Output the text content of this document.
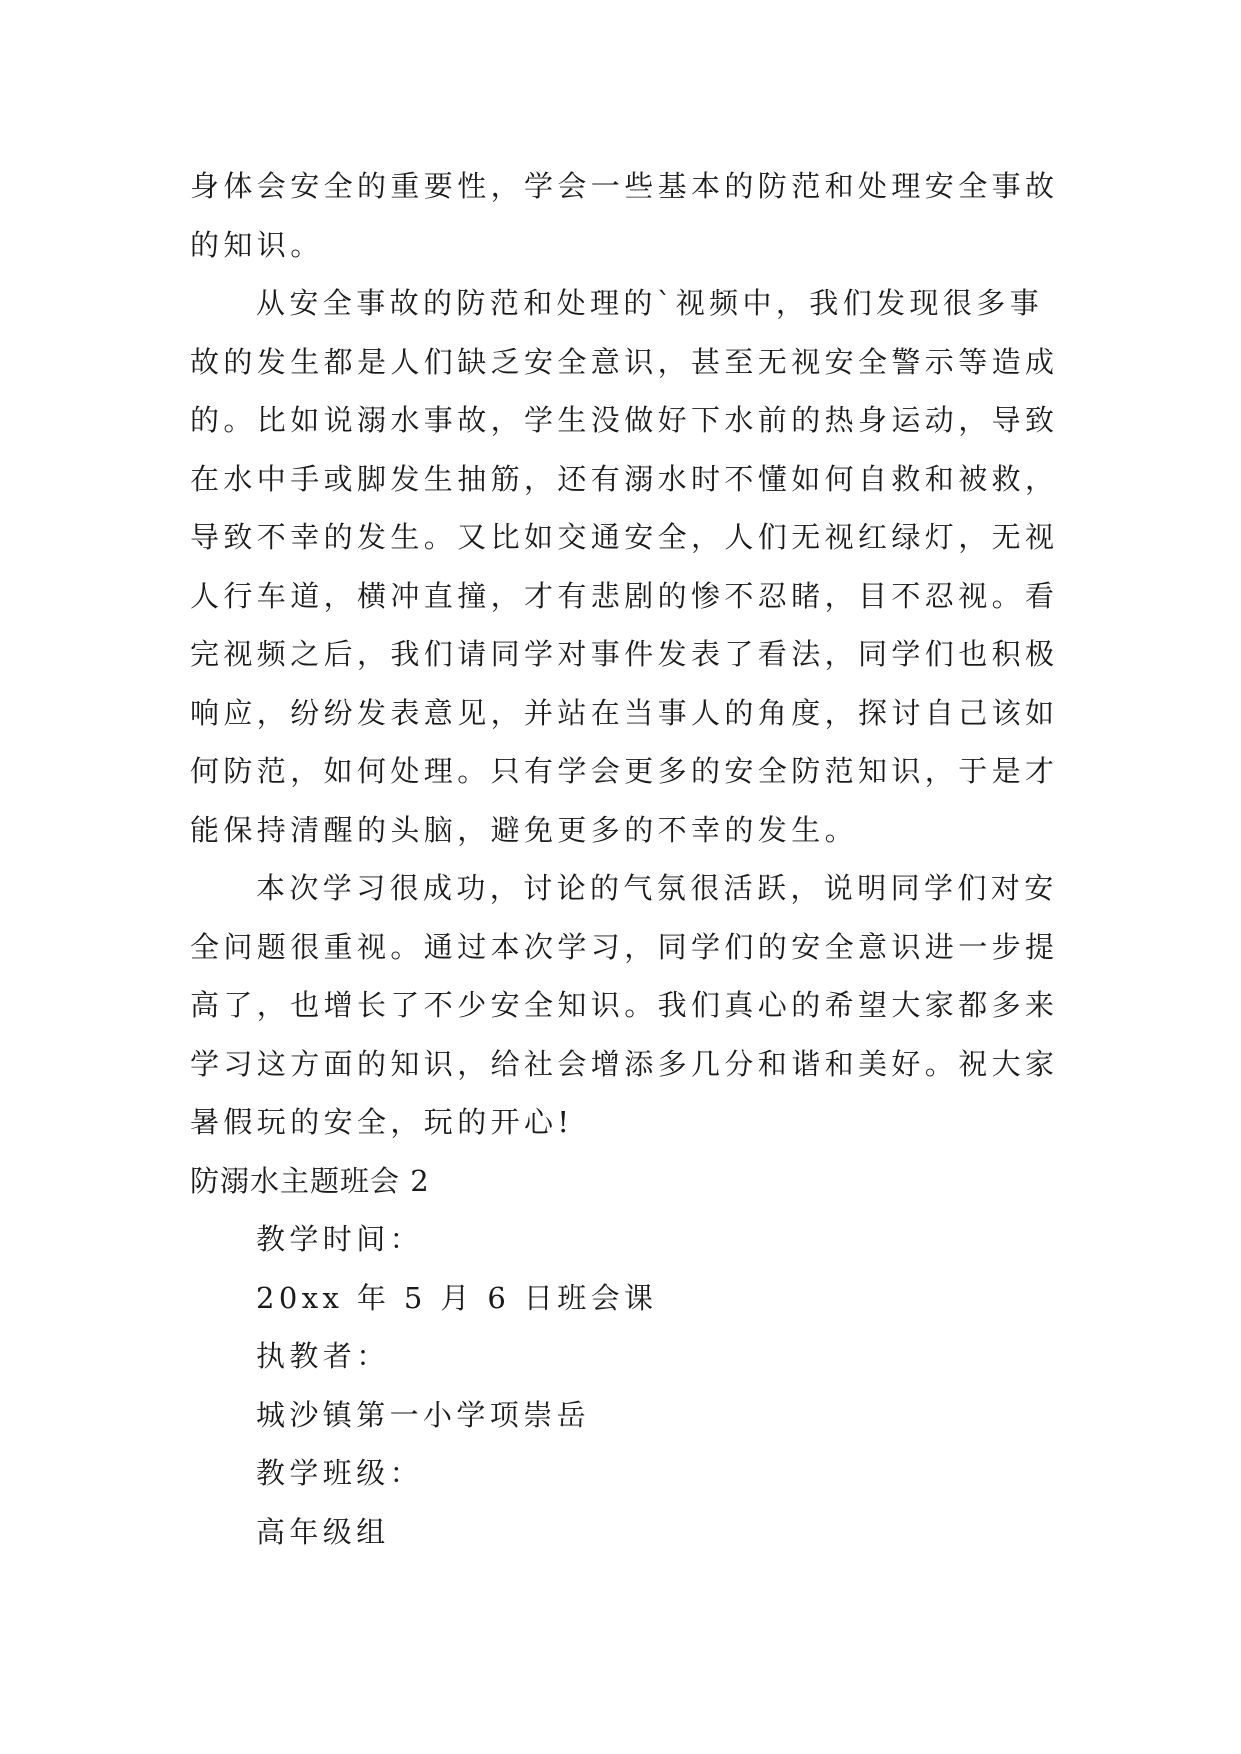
身体会安全的重要性，学会一些基本的防范和处理安全事故
的知识。
从安全事故的防范和处理的`视频中，我们发现很多事
故的发生都是人们缺乏安全意识，甚至无视安全警示等造成
的。比如说溺水事故，学生没做好下水前的热身运动，导致
在水中手或脚发生抽筋，还有溺水时不懂如何自救和被救，
导致不幸的发生。又比如交通安全，人们无视红绿灯，无视
人行车道，横冲直撞，才有悲剧的惨不忍睹，目不忍视。看
完视频之后，我们请同学对事件发表了看法，同学们也积极
响应，纷纷发表意见，并站在当事人的角度，探讨自己该如
何防范，如何处理。只有学会更多的安全防范知识，于是才
能保持清醒的头脑，避免更多的不幸的发生。
本次学习很成功，讨论的气氛很活跃，说明同学们对安
全问题很重视。通过本次学习，同学们的安全意识进一步提
高了，也增长了不少安全知识。我们真心的希望大家都多来
学习这方面的知识，给社会增添多几分和谐和美好。祝大家
暑假玩的安全，玩的开心!
防溺水主题班会 2
教学时间：
20xx 年 5 月 6 日班会课
执教者：
城沙镇第一小学项崇岳
教学班级：
高年级组
